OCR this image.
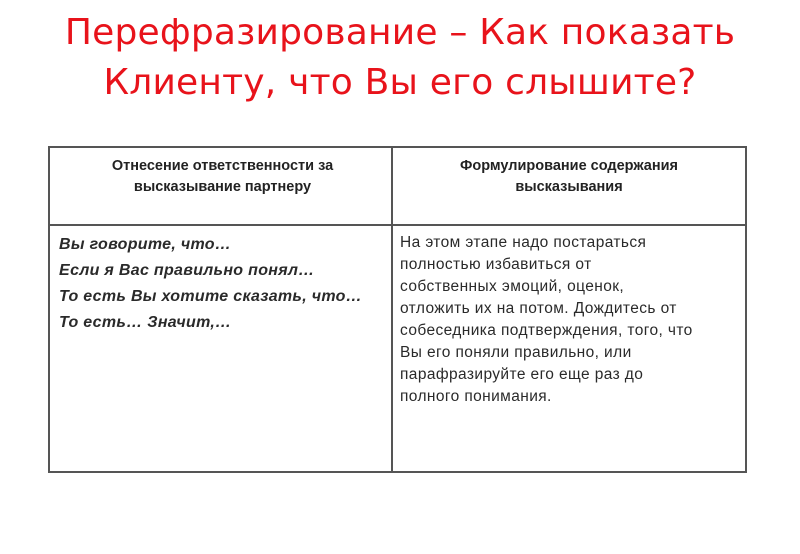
Перефразирование – Как показать
Клиенту, что Вы его слышите?
Отнесение ответственности за
высказывание партнеру
Формулирование содержания
высказывания
Вы говорите, что…
Если я Вас правильно понял…
То есть Вы хотите сказать, что…
То есть… Значит,…
На этом этапе надо постараться
полностью избавиться от
собственных эмоций, оценок,
отложить их на потом. Дождитесь от
собеседника подтверждения, того, что
Вы его поняли правильно, или
парафразируйте его еще раз до
полного понимания.
